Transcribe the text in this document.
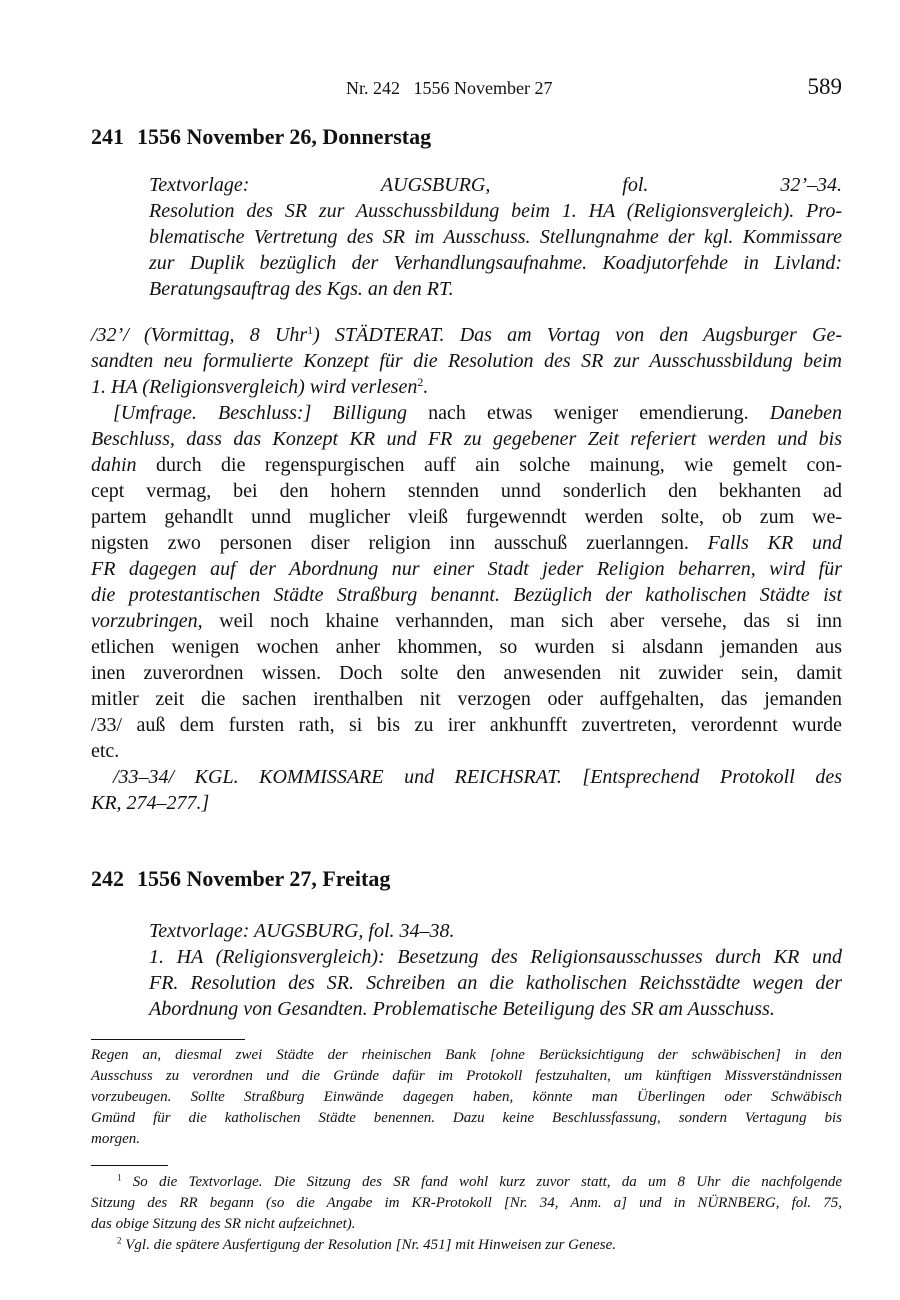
Nr. 242   1556 November 27	589
241 1556 November 26, Donnerstag
Textvorlage: AUGSBURG, fol. 32’–34.
Resolution des SR zur Ausschussbildung beim 1. HA (Religionsvergleich). Pro-
blematische Vertretung des SR im Ausschuss. Stellungnahme der kgl. Kommissare
zur Duplik bezüglich der Verhandlungsaufnahme. Koadjutorfehde in Livland:
Beratungsauftrag des Kgs. an den RT.
/32’/ (Vormittag, 8 Uhr$^1$) STÄDTERAT. Das am Vortag von den Augsburger Ge-
sandten neu formulierte Konzept für die Resolution des SR zur Ausschussbildung beim
1. HA (Religionsvergleich) wird verlesen$^2$.
[Umfrage. Beschluss:] Billigung nach etwas weniger emendierung. Daneben
Beschluss, dass das Konzept KR und FR zu gegebener Zeit referiert werden und bis
dahin durch die regenspurgischen auff ain solche mainung, wie gemelt con-
cept vermag, bei den hohern stennden unnd sonderlich den bekhanten ad
partem gehandlt unnd muglicher vleiß furgewenndt werden solte, ob zum we-
nigsten zwo personen diser religion inn ausschuß zuerlanngen. Falls KR und
FR dagegen auf der Abordnung nur einer Stadt jeder Religion beharren, wird für
die protestantischen Städte Straßburg benannt. Bezüglich der katholischen Städte ist
vorzubringen, weil noch khaine verhannden, man sich aber versehe, das si inn
etlichen wenigen wochen anher khommen, so wurden si alsdann jemanden aus
inen zuverordnen wissen. Doch solte den anwesenden nit zuwider sein, damit
mitler zeit die sachen irenthalben nit verzogen oder auffgehalten, das jemanden
/33/ auß dem fursten rath, si bis zu irer ankhunfft zuvertreten, verordennt wurde
etc.
/33–34/ KGL. KOMMISSARE und REICHSRAT. [Entsprechend Protokoll des
KR, 274–277.]
242 1556 November 27, Freitag
Textvorlage: AUGSBURG, fol. 34–38.
1. HA (Religionsvergleich): Besetzung des Religionsausschusses durch KR und
FR. Resolution des SR. Schreiben an die katholischen Reichsstädte wegen der
Abordnung von Gesandten. Problematische Beteiligung des SR am Ausschuss.
Regen an, diesmal zwei Städte der rheinischen Bank [ohne Berücksichtigung der schwäbischen] in den
Ausschuss zu verordnen und die Gründe dafür im Protokoll festzuhalten, um künftigen Missverständnissen
vorzubeugen. Sollte Straßburg Einwände dagegen haben, könnte man Überlingen oder Schwäbisch
Gmünd für die katholischen Städte benennen. Dazu keine Beschlussfassung, sondern Vertagung bis
morgen.
$^1$ So die Textvorlage. Die Sitzung des SR fand wohl kurz zuvor statt, da um 8 Uhr die nachfolgende
Sitzung des RR begann (so die Angabe im KR-Protokoll [Nr. 34, Anm. a] und in NÜRNBERG, fol. 75,
das obige Sitzung des SR nicht aufzeichnet).
$^2$ Vgl. die spätere Ausfertigung der Resolution [Nr. 451] mit Hinweisen zur Genese.
